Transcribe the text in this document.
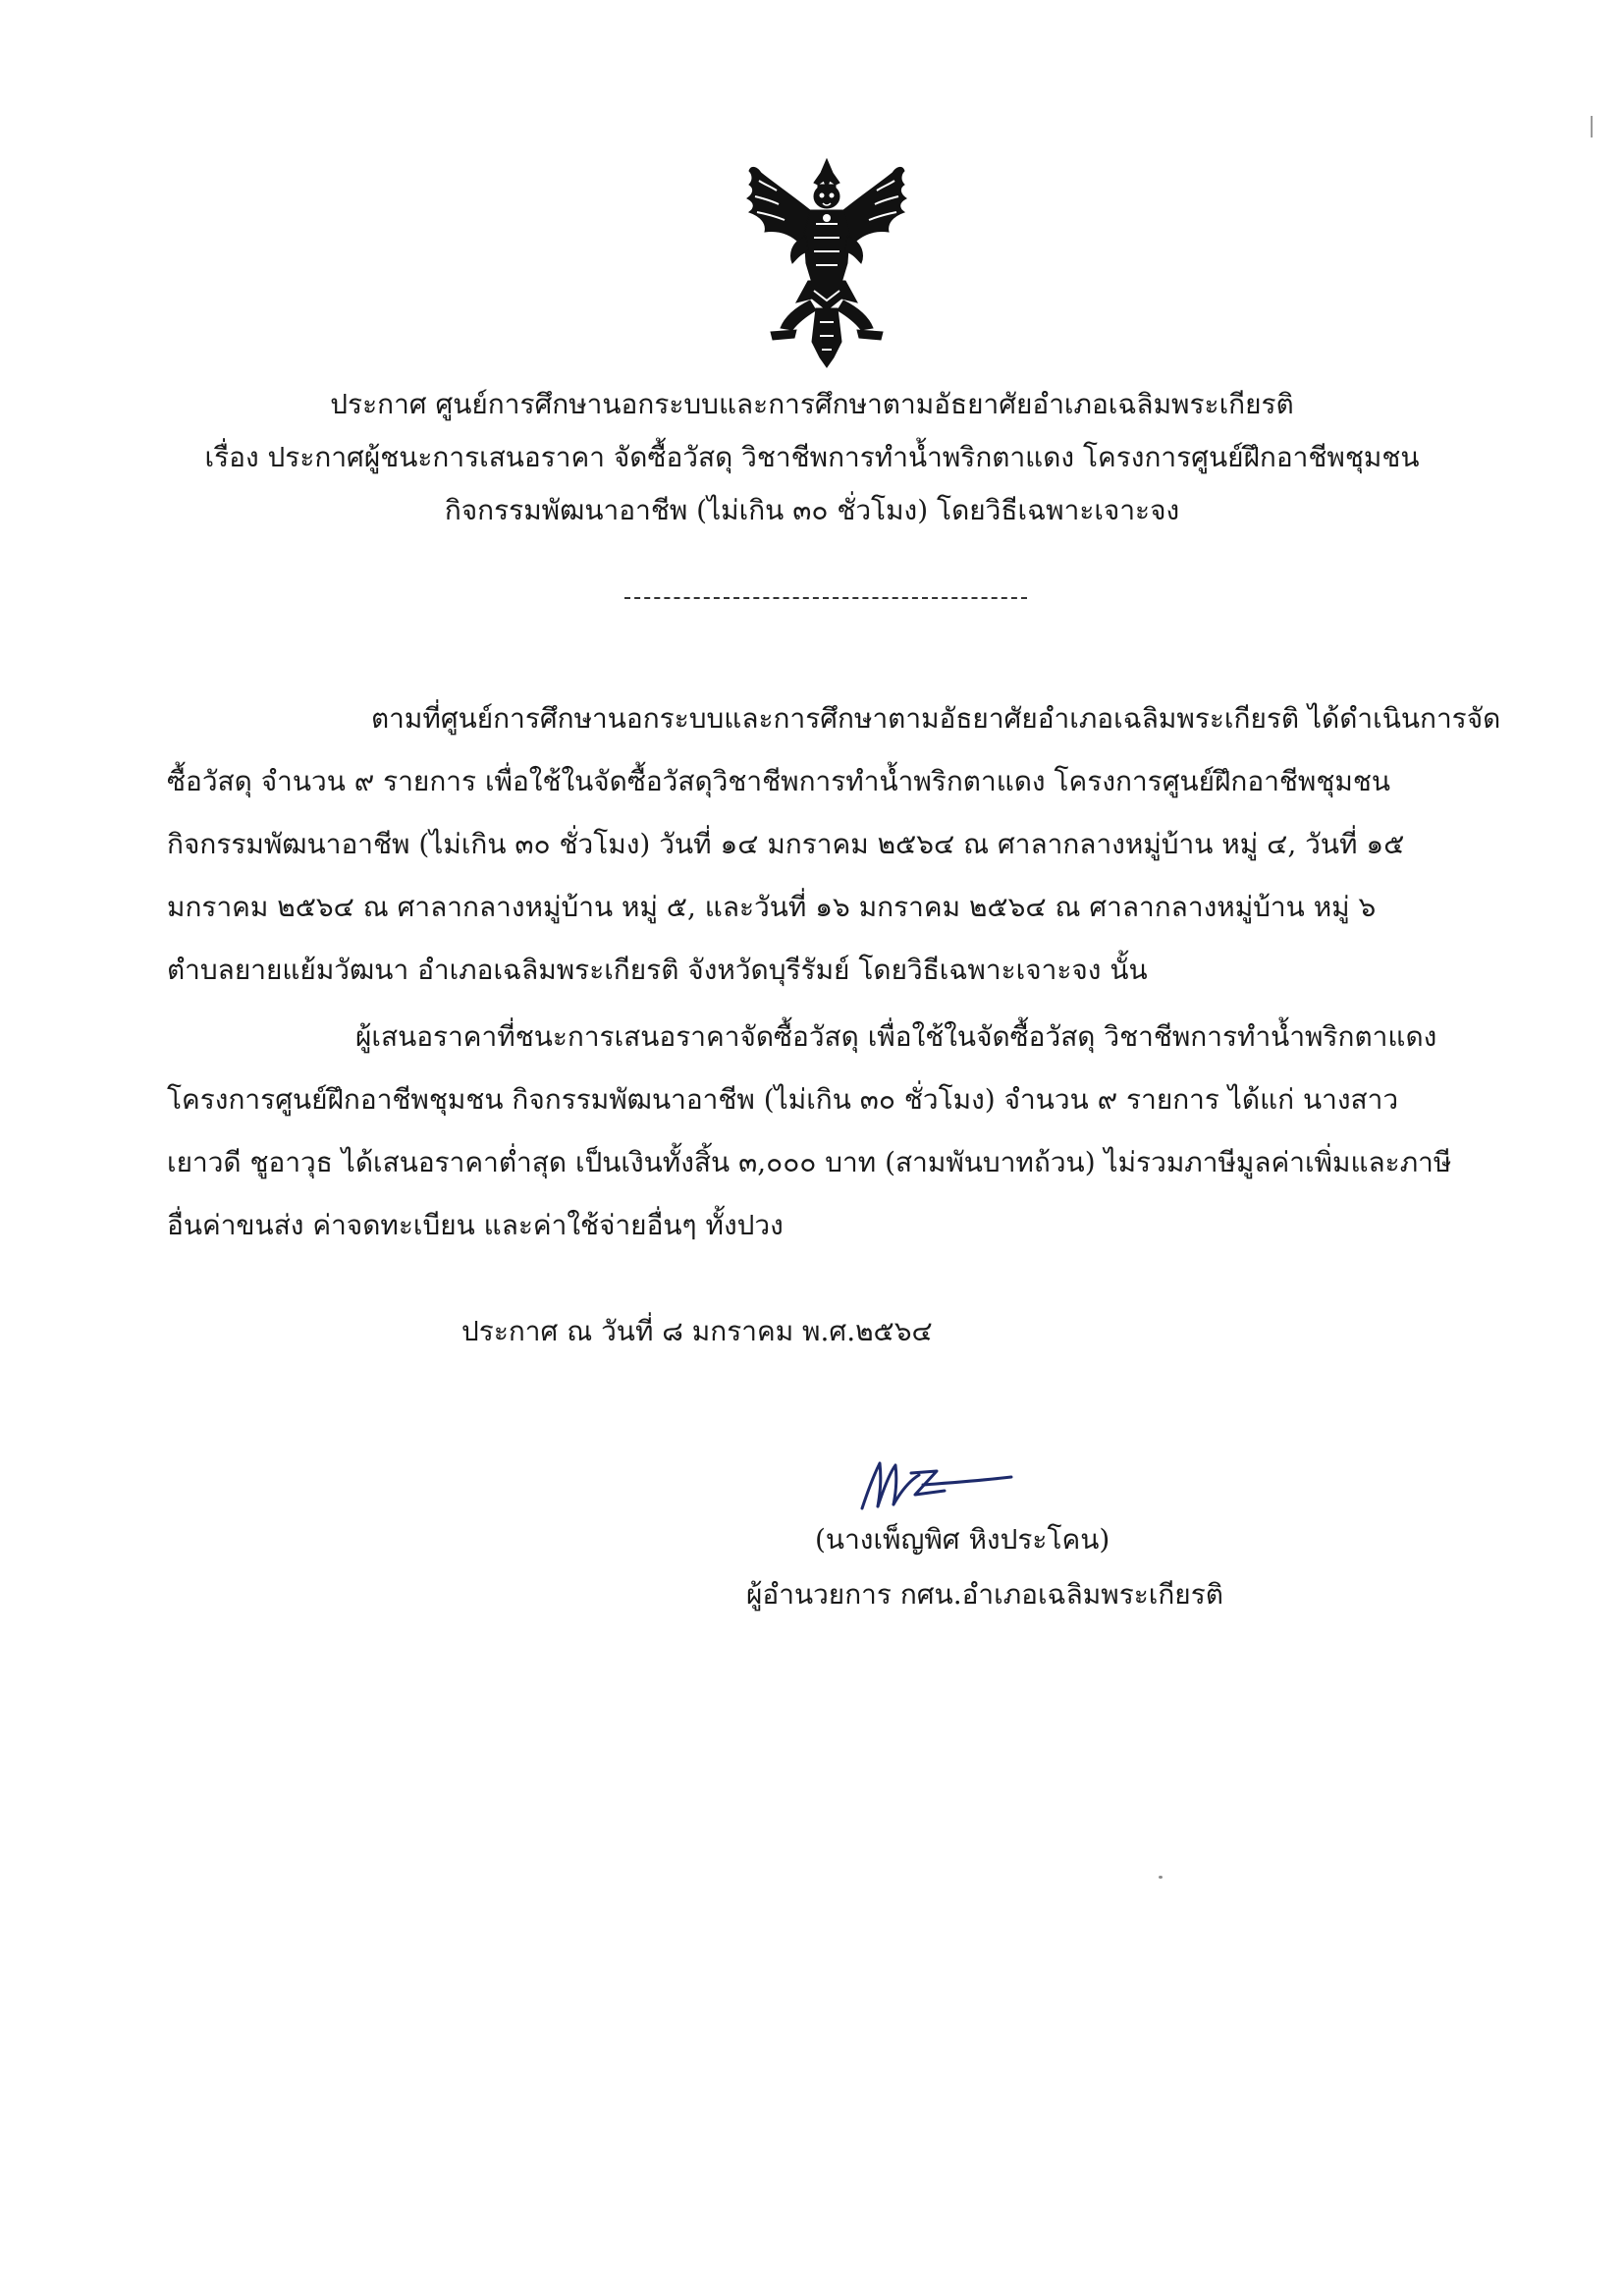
ประกาศ ศูนย์การศึกษานอกระบบและการศึกษาตามอัธยาศัยอำเภอเฉลิมพระเกียรติ
เรื่อง ประกาศผู้ชนะการเสนอราคา จัดซื้อวัสดุ วิชาชีพการทำน้ำพริกตาแดง โครงการศูนย์ฝึกอาชีพชุมชน
กิจกรรมพัฒนาอาชีพ (ไม่เกิน ๓๐ ชั่วโมง) โดยวิธีเฉพาะเจาะจง
ตามที่ศูนย์การศึกษานอกระบบและการศึกษาตามอัธยาศัยอำเภอเฉลิมพระเกียรติ ได้ดำเนินการจัด
ซื้อวัสดุ จำนวน ๙ รายการ เพื่อใช้ในจัดซื้อวัสดุวิชาชีพการทำน้ำพริกตาแดง โครงการศูนย์ฝึกอาชีพชุมชน
กิจกรรมพัฒนาอาชีพ (ไม่เกิน ๓๐ ชั่วโมง) วันที่ ๑๔ มกราคม ๒๕๖๔ ณ ศาลากลางหมู่บ้าน หมู่ ๔, วันที่ ๑๕
มกราคม ๒๕๖๔ ณ ศาลากลางหมู่บ้าน หมู่ ๕, และวันที่ ๑๖ มกราคม ๒๕๖๔ ณ ศาลากลางหมู่บ้าน หมู่ ๖
ตำบลยายแย้มวัฒนา อำเภอเฉลิมพระเกียรติ จังหวัดบุรีรัมย์ โดยวิธีเฉพาะเจาะจง นั้น
ผู้เสนอราคาที่ชนะการเสนอราคาจัดซื้อวัสดุ เพื่อใช้ในจัดซื้อวัสดุ วิชาชีพการทำน้ำพริกตาแดง
โครงการศูนย์ฝึกอาชีพชุมชน กิจกรรมพัฒนาอาชีพ (ไม่เกิน ๓๐ ชั่วโมง) จำนวน ๙ รายการ ได้แก่ นางสาว
เยาวดี ชูอาวุธ ได้เสนอราคาต่ำสุด เป็นเงินทั้งสิ้น ๓,๐๐๐ บาท (สามพันบาทถ้วน) ไม่รวมภาษีมูลค่าเพิ่มและภาษี
อื่นค่าขนส่ง ค่าจดทะเบียน และค่าใช้จ่ายอื่นๆ ทั้งปวง
ประกาศ ณ วันที่ ๘ มกราคม พ.ศ.๒๕๖๔
(นางเพ็ญพิศ หิงประโคน)
ผู้อำนวยการ กศน.อำเภอเฉลิมพระเกียรติ
